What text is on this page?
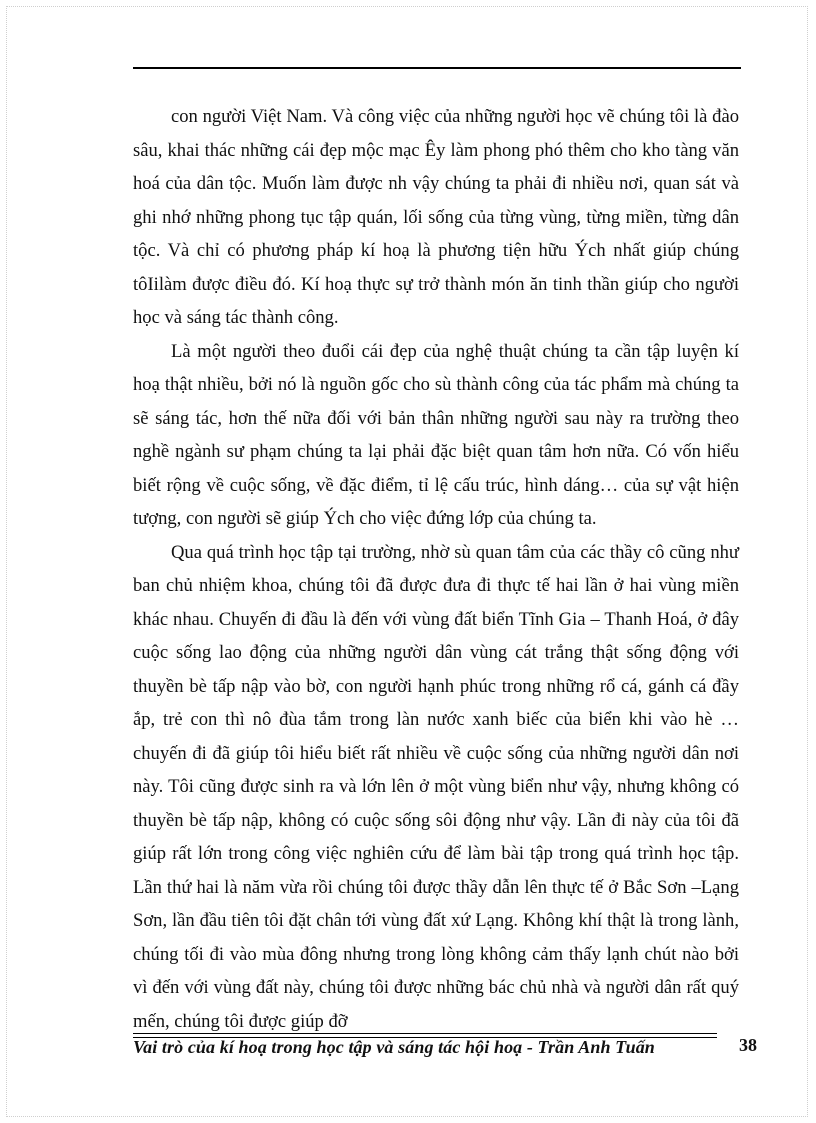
con người Việt Nam. Và công việc của những người học vẽ chúng tôi là đào sâu, khai thác những cái đẹp mộc mạc Êy làm phong phó thêm cho kho tàng văn hoá của dân tộc. Muốn làm được nh vậy chúng ta phải đi nhiều nơi, quan sát và ghi nhớ những phong tục tập quán, lối sống của từng vùng, từng miền, từng dân tộc. Và chỉ có phương pháp kí hoạ là phương tiện hữu Ých nhất giúp chúng tôIilàm được điều đó. Kí hoạ thực sự trở thành món ăn tinh thần giúp cho người học và sáng tác thành công.

Là một người theo đuổi cái đẹp của nghệ thuật chúng ta cần tập luyện kí hoạ thật nhiều, bởi nó là nguồn gốc cho sù thành công của tác phẩm mà chúng ta sẽ sáng tác, hơn thế nữa đối với bản thân những người sau này ra trường theo nghề ngành sư phạm chúng ta lại phải đặc biệt quan tâm hơn nữa. Có vốn hiểu biết rộng về cuộc sống, về đặc điểm, tỉ lệ cấu trúc, hình dáng… của sự vật hiện tượng, con người sẽ giúp Ých cho việc đứng lớp của chúng ta.

Qua quá trình học tập tại trường, nhờ sù quan tâm của các thầy cô cũng như ban chủ nhiệm khoa, chúng tôi đã được đưa đi thực tế hai lần ở hai vùng miền khác nhau. Chuyến đi đầu là đến với vùng đất biển Tĩnh Gia – Thanh Hoá, ở đây cuộc sống lao động của những người dân vùng cát trắng thật sống động với thuyền bè tấp nập vào bờ, con người hạnh phúc trong những rổ cá, gánh cá đầy ắp, trẻ con thì nô đùa tắm trong làn nước xanh biếc của biển khi vào hè … chuyến đi đã giúp tôi hiểu biết rất nhiều về cuộc sống của những người dân nơi này. Tôi cũng được sinh ra và lớn lên ở một vùng biển như vậy, nhưng không có thuyền bè tấp nập, không có cuộc sống sôi động như vậy. Lần đi này của tôi đã giúp rất lớn trong công việc nghiên cứu để làm bài tập trong quá trình học tập. Lần thứ hai là năm vừa rồi chúng tôi được thầy dẫn lên thực tế ở Bắc Sơn –Lạng Sơn, lần đầu tiên tôi đặt chân tới vùng đất xứ Lạng. Không khí thật là trong lành, chúng tối đi vào mùa đông nhưng trong lòng không cảm thấy lạnh chút nào bởi vì đến với vùng đất này, chúng tôi được những bác chủ nhà và người dân rất quý mến, chúng tôi được giúp đỡ

Vai trò của kí hoạ trong học tập và sáng tác hội hoạ - Trần Anh Tuấn	38
